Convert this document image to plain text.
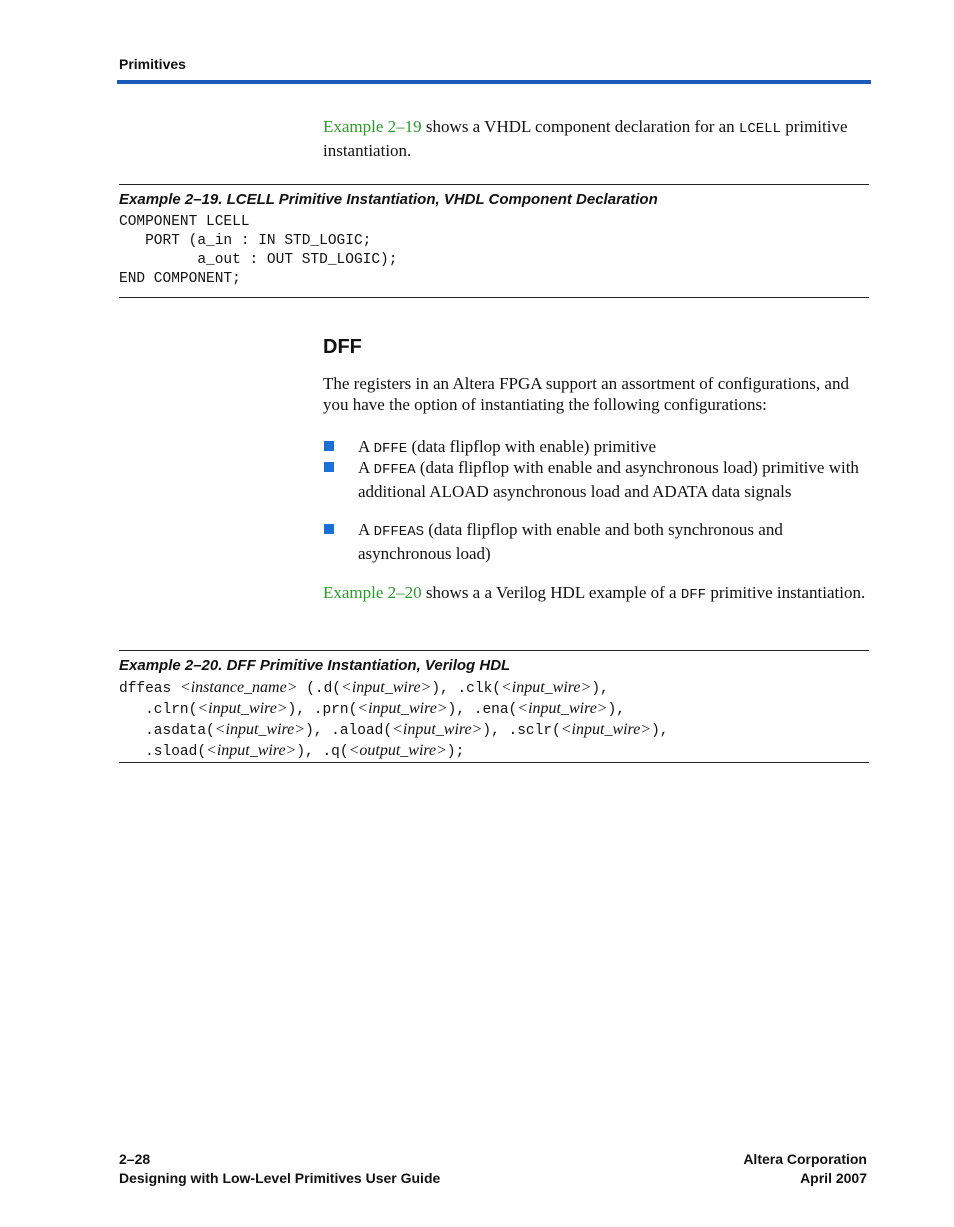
Primitives
Example 2–19 shows a VHDL component declaration for an LCELL primitive instantiation.
Example 2–19. LCELL Primitive Instantiation, VHDL Component Declaration
COMPONENT LCELL
PORT (a_in : IN STD_LOGIC;
a_out : OUT STD_LOGIC);
END COMPONENT;
DFF
The registers in an Altera FPGA support an assortment of configurations, and you have the option of instantiating the following configurations:
A DFFE (data flipflop with enable) primitive
A DFFEA (data flipflop with enable and asynchronous load) primitive with additional ALOAD asynchronous load and ADATA data signals
A DFFEAS (data flipflop with enable and both synchronous and asynchronous load)
Example 2–20 shows a a Verilog HDL example of a DFF primitive instantiation.
Example 2–20. DFF Primitive Instantiation, Verilog HDL
dffeas <instance_name> (.d(<input_wire>), .clk(<input_wire>),
.clrn(<input_wire>), .prn(<input_wire>), .ena(<input_wire>),
.asdata(<input_wire>), .aload(<input_wire>), .sclr(<input_wire>),
.sload(<input_wire>), .q(<output_wire>);
2–28
Designing with Low-Level Primitives User Guide
Altera Corporation
April 2007
